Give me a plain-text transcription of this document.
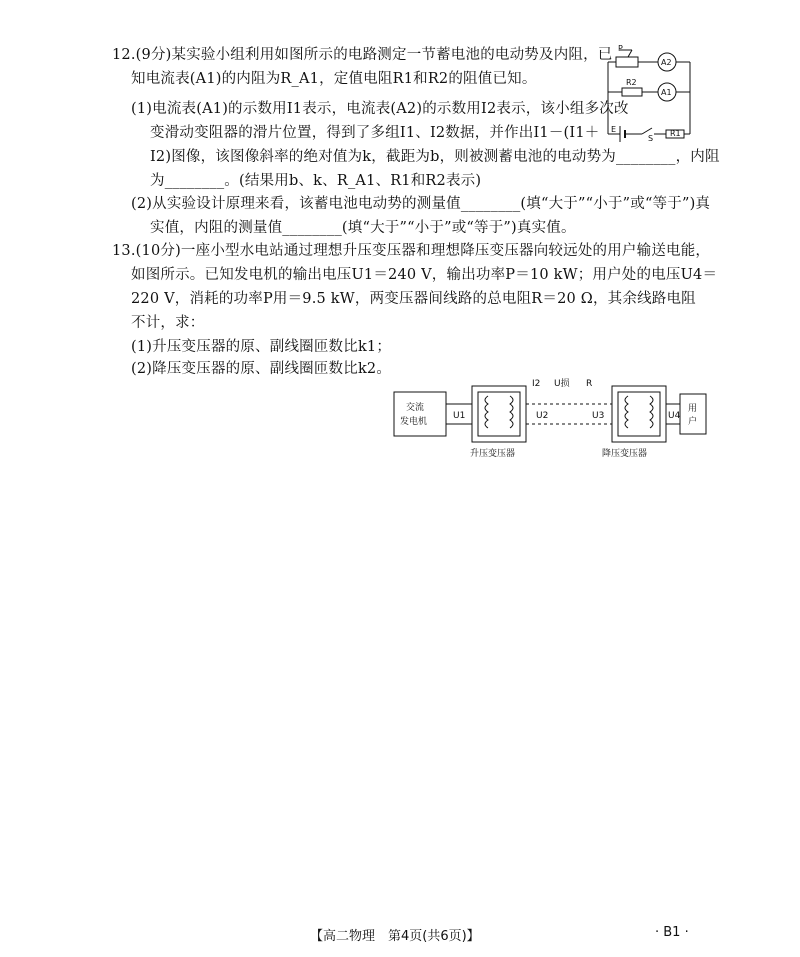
12.(9分)某实验小组利用如图所示的电路测定一节蓄电池的电动势及内阻，已
知电流表(A1)的内阻为R_A1，定值电阻R1和R2的阻值已知。
(1)电流表(A1)的示数用I1表示，电流表(A2)的示数用I2表示，该小组多次改
变滑动变阻器的滑片位置，得到了多组I1、I2数据，并作出I1－(I1＋
I2)图像，该图像斜率的绝对值为k，截距为b，则被测蓄电池的电动势为________，内阻
为________。(结果用b、k、R_A1、R1和R2表示)
(2)从实验设计原理来看，该蓄电池电动势的测量值________(填“大于”“小于”或“等于”)真
实值，内阻的测量值________(填“大于”“小于”或“等于”)真实值。
P
A2
R2
A1
E
S
R1
13.(10分)一座小型水电站通过理想升压变压器和理想降压变压器向较远处的用户输送电能，
如图所示。已知发电机的输出电压U1＝240 V，输出功率P＝10 kW；用户处的电压U4＝
220 V，消耗的功率P用＝9.5 kW，两变压器间线路的总电阻R＝20 Ω，其余线路电阻
不计，求：
(1)升压变压器的原、副线圈匝数比k1；
(2)降压变压器的原、副线圈匝数比k2。
交流
发电机
U1
I2 U损 R
U2	U3	U4
用
户
升压变压器	降压变压器
【高二物理　第4页(共6页)】	· B1 ·
